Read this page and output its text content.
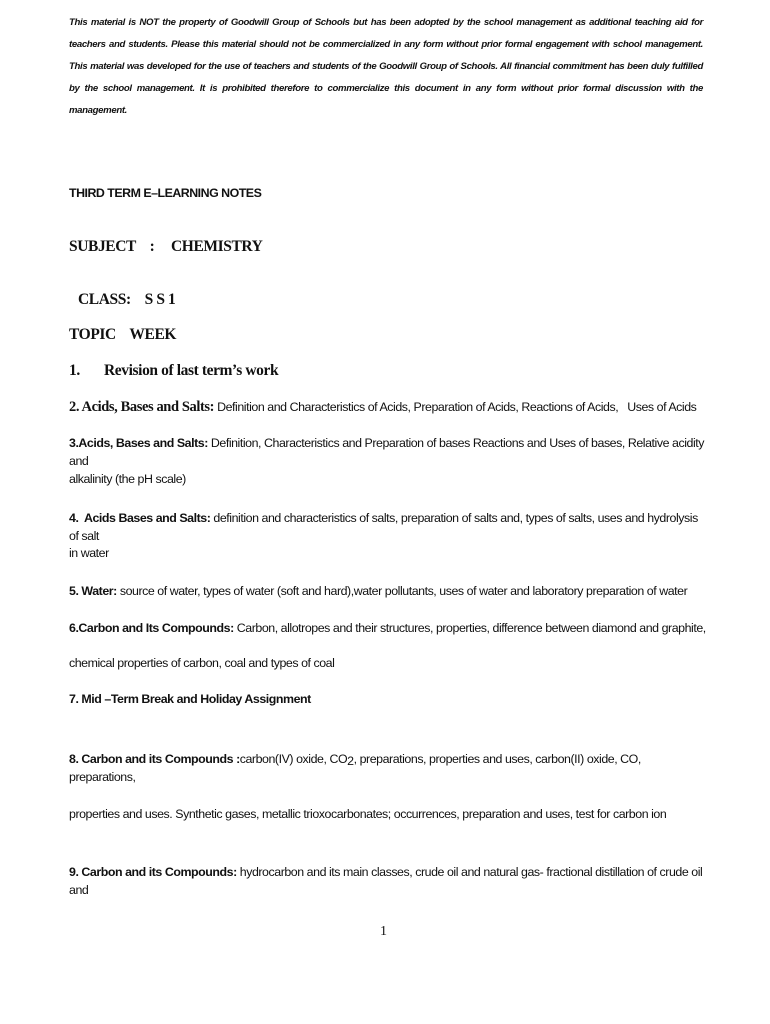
This material is NOT the property of Goodwill Group of Schools but has been adopted by the school management as additional teaching aid for teachers and students. Please this material should not be commercialized in any form without prior formal engagement with school management. This material was developed for the use of teachers and students of the Goodwill Group of Schools. All financial commitment has been duly fulfilled by the school management. It is prohibited therefore to commercialize this document in any form without prior formal discussion with the management.
THIRD TERM E–LEARNING NOTES
SUBJECT    : CHEMISTRY
CLASS:    S S 1
TOPIC    WEEK
1. Revision of last term’s work
2. Acids, Bases and Salts: Definition and Characteristics of Acids, Preparation of Acids, Reactions of Acids,   Uses of Acids
3.Acids, Bases and Salts: Definition, Characteristics and Preparation of bases Reactions and Uses of bases, Relative acidity and
alkalinity (the pH scale)
4.  Acids Bases and Salts: definition and characteristics of salts, preparation of salts and, types of salts, uses and hydrolysis of salt
in water
5. Water: source of water, types of water (soft and hard),water pollutants, uses of water and laboratory preparation of water
6.Carbon and Its Compounds: Carbon, allotropes and their structures, properties, difference between diamond and graphite,
chemical properties of carbon, coal and types of coal
7. Mid –Term Break and Holiday Assignment
8. Carbon and its Compounds :carbon(IV) oxide, $CO_2$, preparations, properties and uses, carbon(II) oxide, CO, preparations,
properties and uses. Synthetic gases, metallic trioxocarbonates; occurrences, preparation and uses, test for carbon ion
9. Carbon and its Compounds: hydrocarbon and its main classes, crude oil and natural gas- fractional distillation of crude oil and
1
